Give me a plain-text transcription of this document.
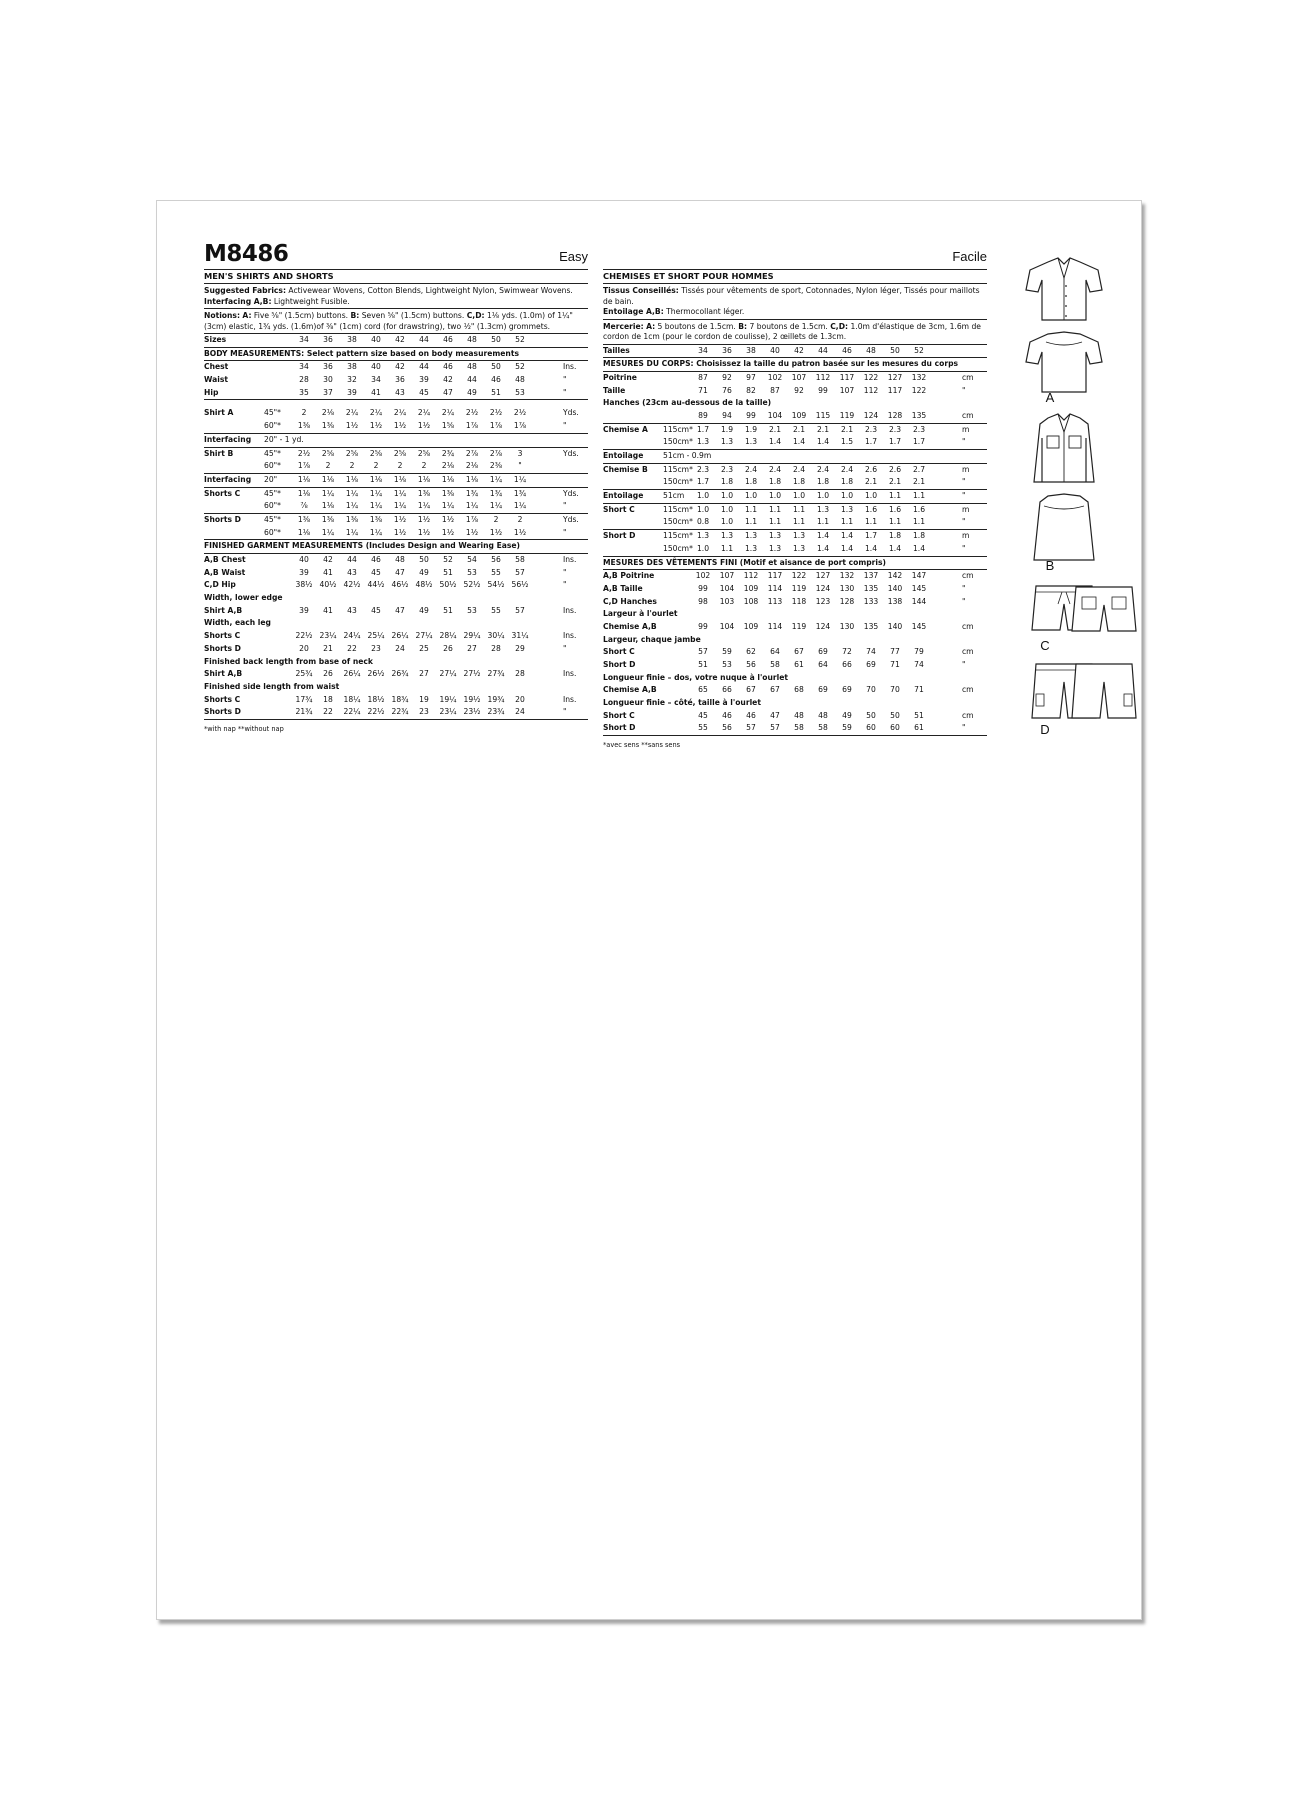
M8486	Easy
MEN'S SHIRTS AND SHORTS
Suggested Fabrics: Activewear Wovens, Cotton Blends, Lightweight Nylon, Swimwear Wovens. Interfacing A,B: Lightweight Fusible.
Notions: A: Five ⅝" (1.5cm) buttons. B: Seven ⅝" (1.5cm) buttons. C,D: 1⅛ yds. (1.0m) of 1¼" (3cm) elastic, 1¾ yds. (1.6m)of ⅜" (1cm) cord (for drawstring), two ½" (1.3cm) grommets.
Sizes	34	36	38	40	42	44	46	48	50	52
BODY MEASUREMENTS: Select pattern size based on body measurements
Chest	34	36	38	40	42	44	46	48	50	52	Ins.
Waist	28	30	32	34	36	39	42	44	46	48	"
Hip	35	37	39	41	43	45	47	49	51	53	"
Shirt A	45"*	2	2⅛	2¼	2¼	2¼	2¼	2¼	2½	2½	2½	Yds.
60"*	1⅜	1⅜	1½	1½	1½	1½	1⅝	1⅞	1⅞	1⅞	"
Interfacing 20" - 1 yd.
Shirt B	45"*	2½	2⅝	2⅝	2⅝	2⅝	2⅝	2¾	2⅞	2⅞	3	Yds.
60"*	1⅞	2	2	2	2	2	2⅛	2⅛	2⅜	"
Interfacing 20"	1⅛	1⅛	1⅛	1⅛	1⅛	1⅛	1⅛	1⅛	1¼	1¼
Shorts C	45"*	1⅛	1¼	1¼	1¼	1¼	1⅜	1⅜	1¾	1¾	1¾	Yds.
60"*	⅞	1⅛	1¼	1¼	1¼	1¼	1¼	1¼	1¼	1¼	"
Shorts D	45"*	1⅜	1⅜	1⅜	1⅜	1½	1½	1½	1⅞	2	2	Yds.
60"*	1⅛	1¼	1¼	1¼	1½	1½	1½	1½	1½	1½	"
FINISHED GARMENT MEASUREMENTS (Includes Design and Wearing Ease)
A,B Chest	40	42	44	46	48	50	52	54	56	58	Ins.
A,B Waist	39	41	43	45	47	49	51	53	55	57	"
C,D Hip	38½ 40½ 42½ 44½ 46½ 48½ 50½ 52½ 54½ 56½	"
Width, lower edge
Shirt A,B	39	41	43	45	47	49	51	53	55	57	Ins.
Width, each leg
Shorts C	22½ 23¼ 24¼ 25¼ 26¼ 27¼ 28¼ 29¼ 30¼ 31¼	Ins.
Shorts D	20	21	22	23	24	25	26	27	28	29	"
Finished back length from base of neck
Shirt A,B	25¾	26	26¼ 26½ 26¾	27	27¼ 27½ 27¾	28	Ins.
Finished side length from waist
Shorts C	17¾	18	18¼ 18½ 18¾	19	19¼ 19½ 19¾	20	Ins.
Shorts D	21¾	22	22¼ 22½ 22¾	23	23¼ 23½ 23¾	24	"
*with nap **without nap
Facile
CHEMISES ET SHORT POUR HOMMES
Tissus Conseillés: Tissés pour vêtements de sport, Cotonnades, Nylon léger, Tissés pour maillots de bain.
Entoilage A,B: Thermocollant léger.
Mercerie: A: 5 boutons de 1.5cm. B: 7 boutons de 1.5cm. C,D: 1.0m d'élastique de 3cm, 1.6m de cordon de 1cm (pour le cordon de coulisse), 2 œillets de 1.3cm.
Tailles	34	36	38	40	42	44	46	48	50	52
MESURES DU CORPS: Choisissez la taille du patron basée sur les mesures du corps
Poitrine	87	92	97	102	107	112	117	122	127	132	cm
Taille	71	76	82	87	92	99	107	112	117	122	"
Hanches (23cm au-dessous de la taille)
89	94	99	104	109	115	119	124	128	135	cm
Chemise A 115cm* 1.7	1.9	1.9	2.1	2.1	2.1	2.1	2.3	2.3	2.3	m
150cm* 1.3	1.3	1.3	1.4	1.4	1.4	1.5	1.7	1.7	1.7	"
Entoilage	51cm - 0.9m
Chemise B 115cm* 2.3	2.3	2.4	2.4	2.4	2.4	2.4	2.6	2.6	2.7	m
150cm* 1.7	1.8	1.8	1.8	1.8	1.8	1.8	2.1	2.1	2.1	"
Entoilage	51cm	1.0	1.0	1.0	1.0	1.0	1.0	1.0	1.0	1.1	1.1	"
Short C	115cm* 1.0	1.0	1.1	1.1	1.1	1.3	1.3	1.6	1.6	1.6	m
150cm* 0.8	1.0	1.1	1.1	1.1	1.1	1.1	1.1	1.1	1.1	"
Short D	115cm* 1.3	1.3	1.3	1.3	1.3	1.4	1.4	1.7	1.8	1.8	m
150cm* 1.0	1.1	1.3	1.3	1.3	1.4	1.4	1.4	1.4	1.4	"
MESURES DES VÊTEMENTS FINI (Motif et aisance de port compris)
A,B Poitrine	102	107	112	117	122	127	132	137	142	147	cm
A,B Taille	99	104	109	114	119	124	130	135	140	145	"
C,D Hanches	98	103	108	113	118	123	128	133	138	144	"
Largeur à l'ourlet
Chemise A,B	99	104	109	114	119	124	130	135	140	145	cm
Largeur, chaque jambe
Short C	57	59	62	64	67	69	72	74	77	79	cm
Short D	51	53	56	58	61	64	66	69	71	74	"
Longueur finie – dos, votre nuque à l'ourlet
Chemise A,B	65	66	67	67	68	69	69	70	70	71	cm
Longueur finie – côté, taille à l'ourlet
Short C	45	46	46	47	48	48	49	50	50	51	cm
Short D	55	56	57	57	58	58	59	60	60	61	"
*avec sens **sans sens
A
B
C
D
